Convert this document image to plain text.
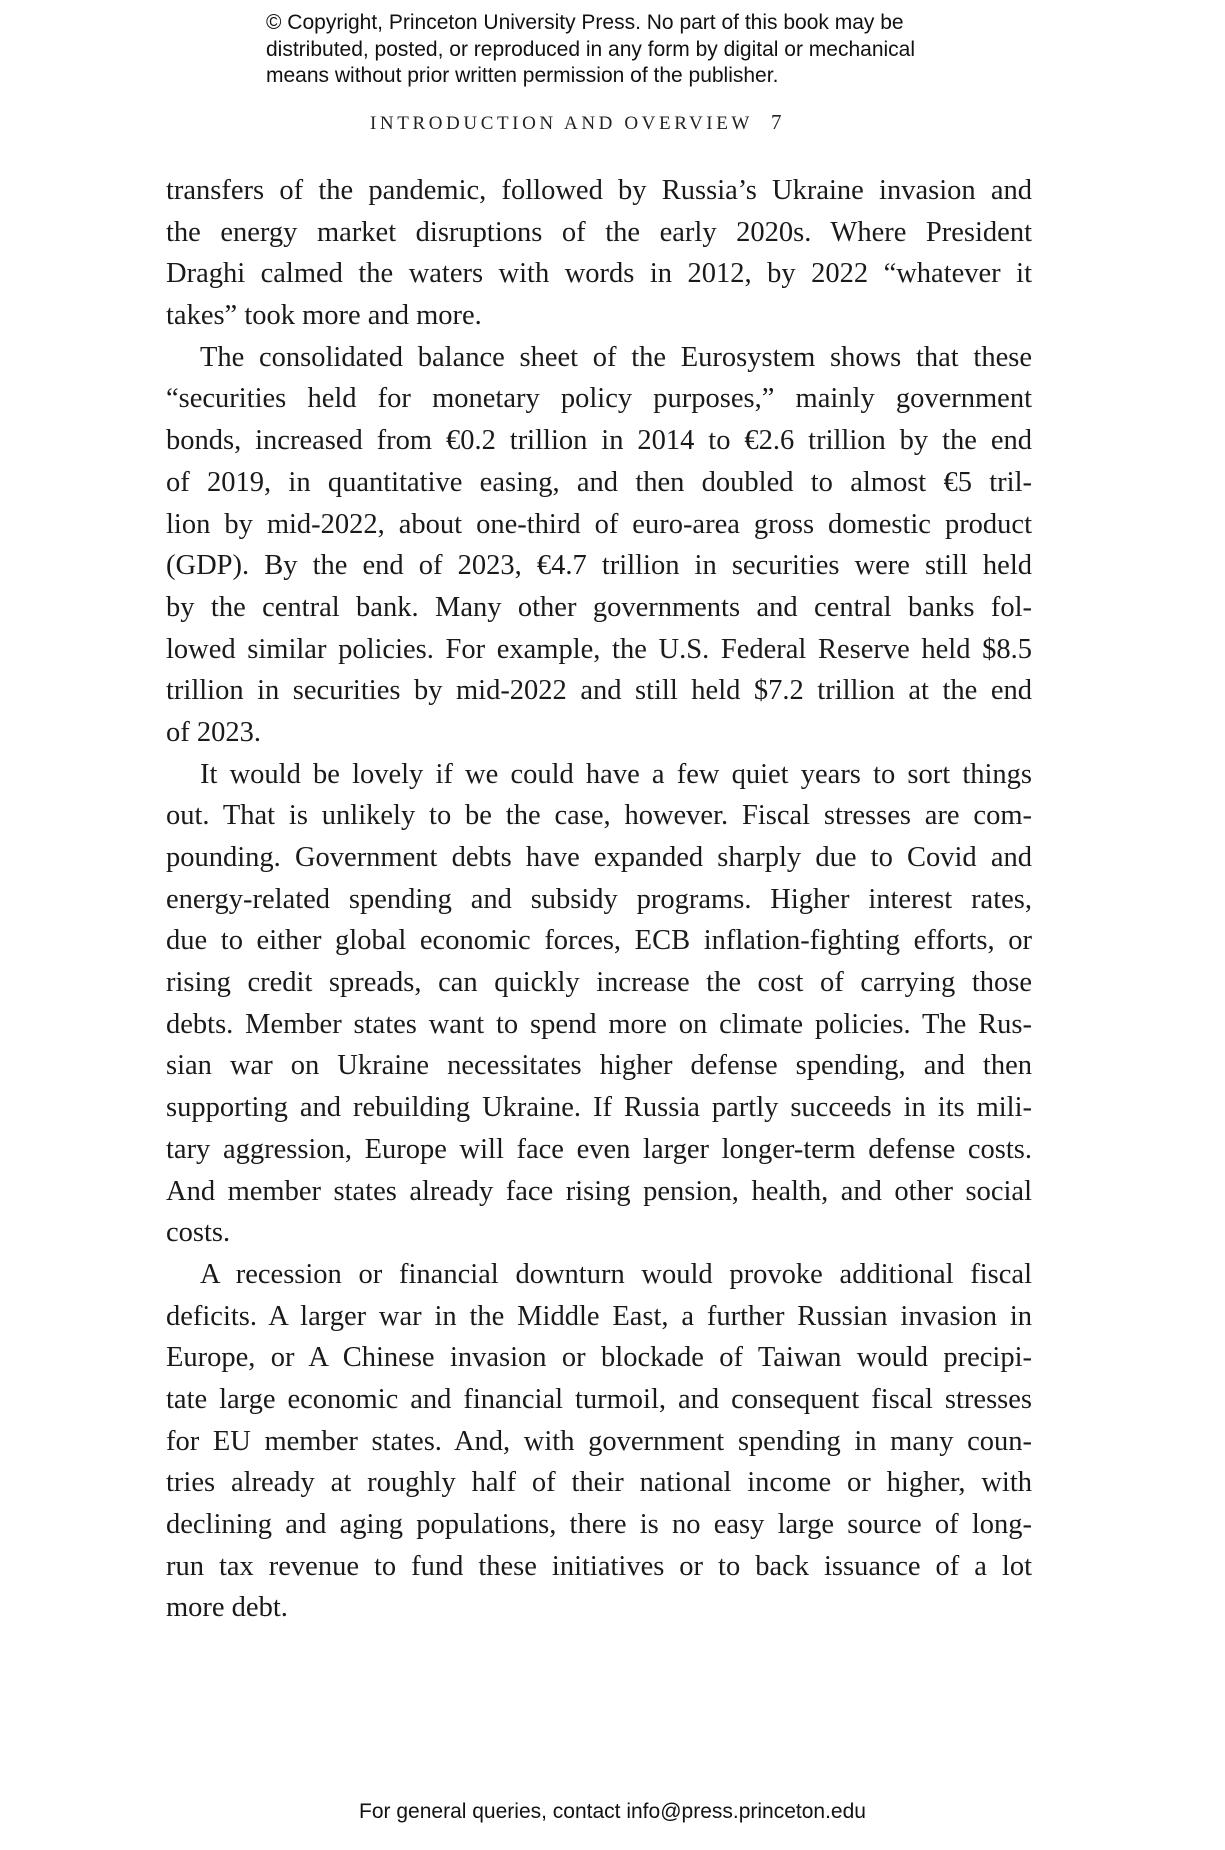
© Copyright, Princeton University Press. No part of this book may be
distributed, posted, or reproduced in any form by digital or mechanical
means without prior written permission of the publisher.
INTRODUCTION AND OVERVIEW 7
transfers of the pandemic, followed by Russia’s Ukraine invasion and
the energy market disruptions of the early 2020s. Where President
Draghi calmed the waters with words in 2012, by 2022 “whatever it
takes” took more and more.
The consolidated balance sheet of the Eurosystem shows that these
“securities held for monetary policy purposes,” mainly government
bonds, increased from €0.2 trillion in 2014 to €2.6 trillion by the end
of 2019, in quantitative easing, and then doubled to almost €5 tril-
lion by mid-2022, about one-third of euro-area gross domestic product
(GDP). By the end of 2023, €4.7 trillion in securities were still held
by the central bank. Many other governments and central banks fol-
lowed similar policies. For example, the U.S. Federal Reserve held $8.5
trillion in securities by mid-2022 and still held $7.2 trillion at the end
of 2023.
It would be lovely if we could have a few quiet years to sort things
out. That is unlikely to be the case, however. Fiscal stresses are com-
pounding. Government debts have expanded sharply due to Covid and
energy-related spending and subsidy programs. Higher interest rates,
due to either global economic forces, ECB inflation-fighting efforts, or
rising credit spreads, can quickly increase the cost of carrying those
debts. Member states want to spend more on climate policies. The Rus-
sian war on Ukraine necessitates higher defense spending, and then
supporting and rebuilding Ukraine. If Russia partly succeeds in its mili-
tary aggression, Europe will face even larger longer-term defense costs.
And member states already face rising pension, health, and other social
costs.
A recession or financial downturn would provoke additional fiscal
deficits. A larger war in the Middle East, a further Russian invasion in
Europe, or A Chinese invasion or blockade of Taiwan would precipi-
tate large economic and financial turmoil, and consequent fiscal stresses
for EU member states. And, with government spending in many coun-
tries already at roughly half of their national income or higher, with
declining and aging populations, there is no easy large source of long-
run tax revenue to fund these initiatives or to back issuance of a lot
more debt.
For general queries, contact info@press.princeton.edu
